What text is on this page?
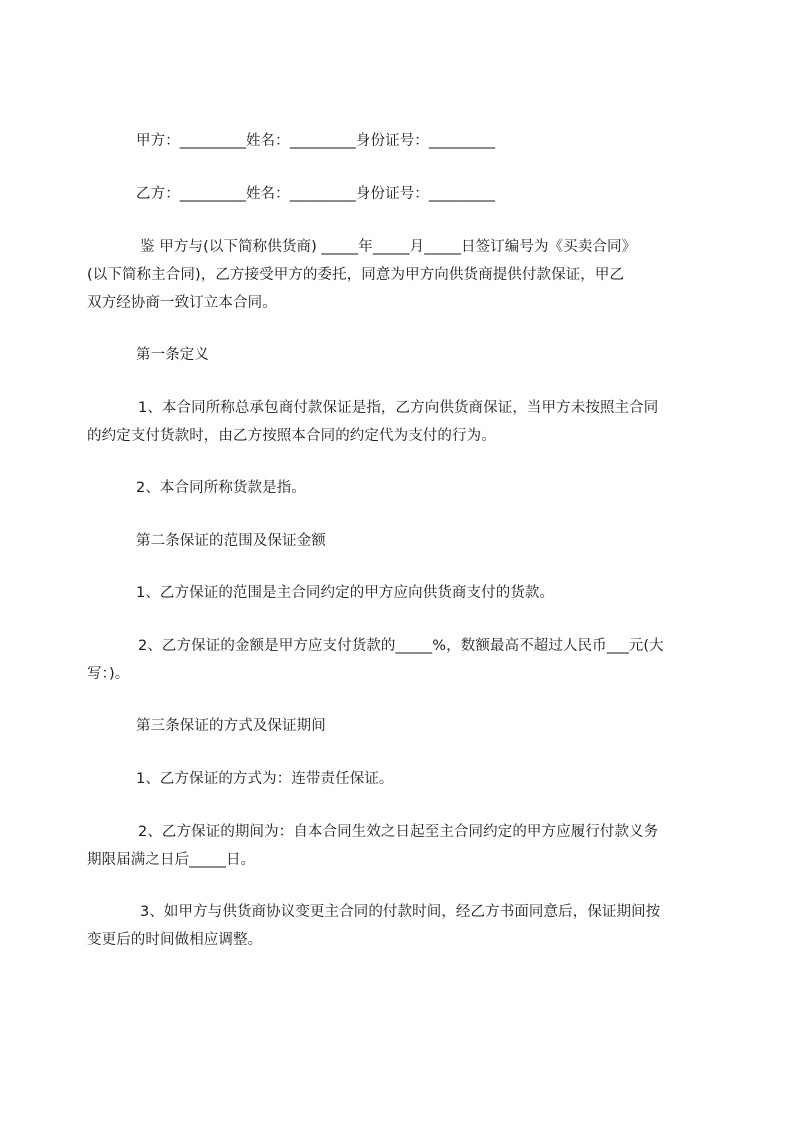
甲方：_________姓名：_________身份证号：_________
乙方：_________姓名：_________身份证号：_________
鉴 甲方与(以下简称供货商) _____年_____月_____日签订编号为《买卖合同》
(以下简称主合同)，乙方接受甲方的委托，同意为甲方向供货商提供付款保证，甲乙
双方经协商一致订立本合同。
第一条定义
1、本合同所称总承包商付款保证是指，乙方向供货商保证，当甲方未按照主合同
的约定支付货款时，由乙方按照本合同的约定代为支付的行为。
2、本合同所称货款是指。
第二条保证的范围及保证金额
1、乙方保证的范围是主合同约定的甲方应向供货商支付的货款。
2、乙方保证的金额是甲方应支付货款的_____%，数额最高不超过人民币___元(大
写：)。
第三条保证的方式及保证期间
1、乙方保证的方式为：连带责任保证。
2、乙方保证的期间为：自本合同生效之日起至主合同约定的甲方应履行付款义务
期限届满之日后_____日。
3、如甲方与供货商协议变更主合同的付款时间，经乙方书面同意后，保证期间按
变更后的时间做相应调整。
